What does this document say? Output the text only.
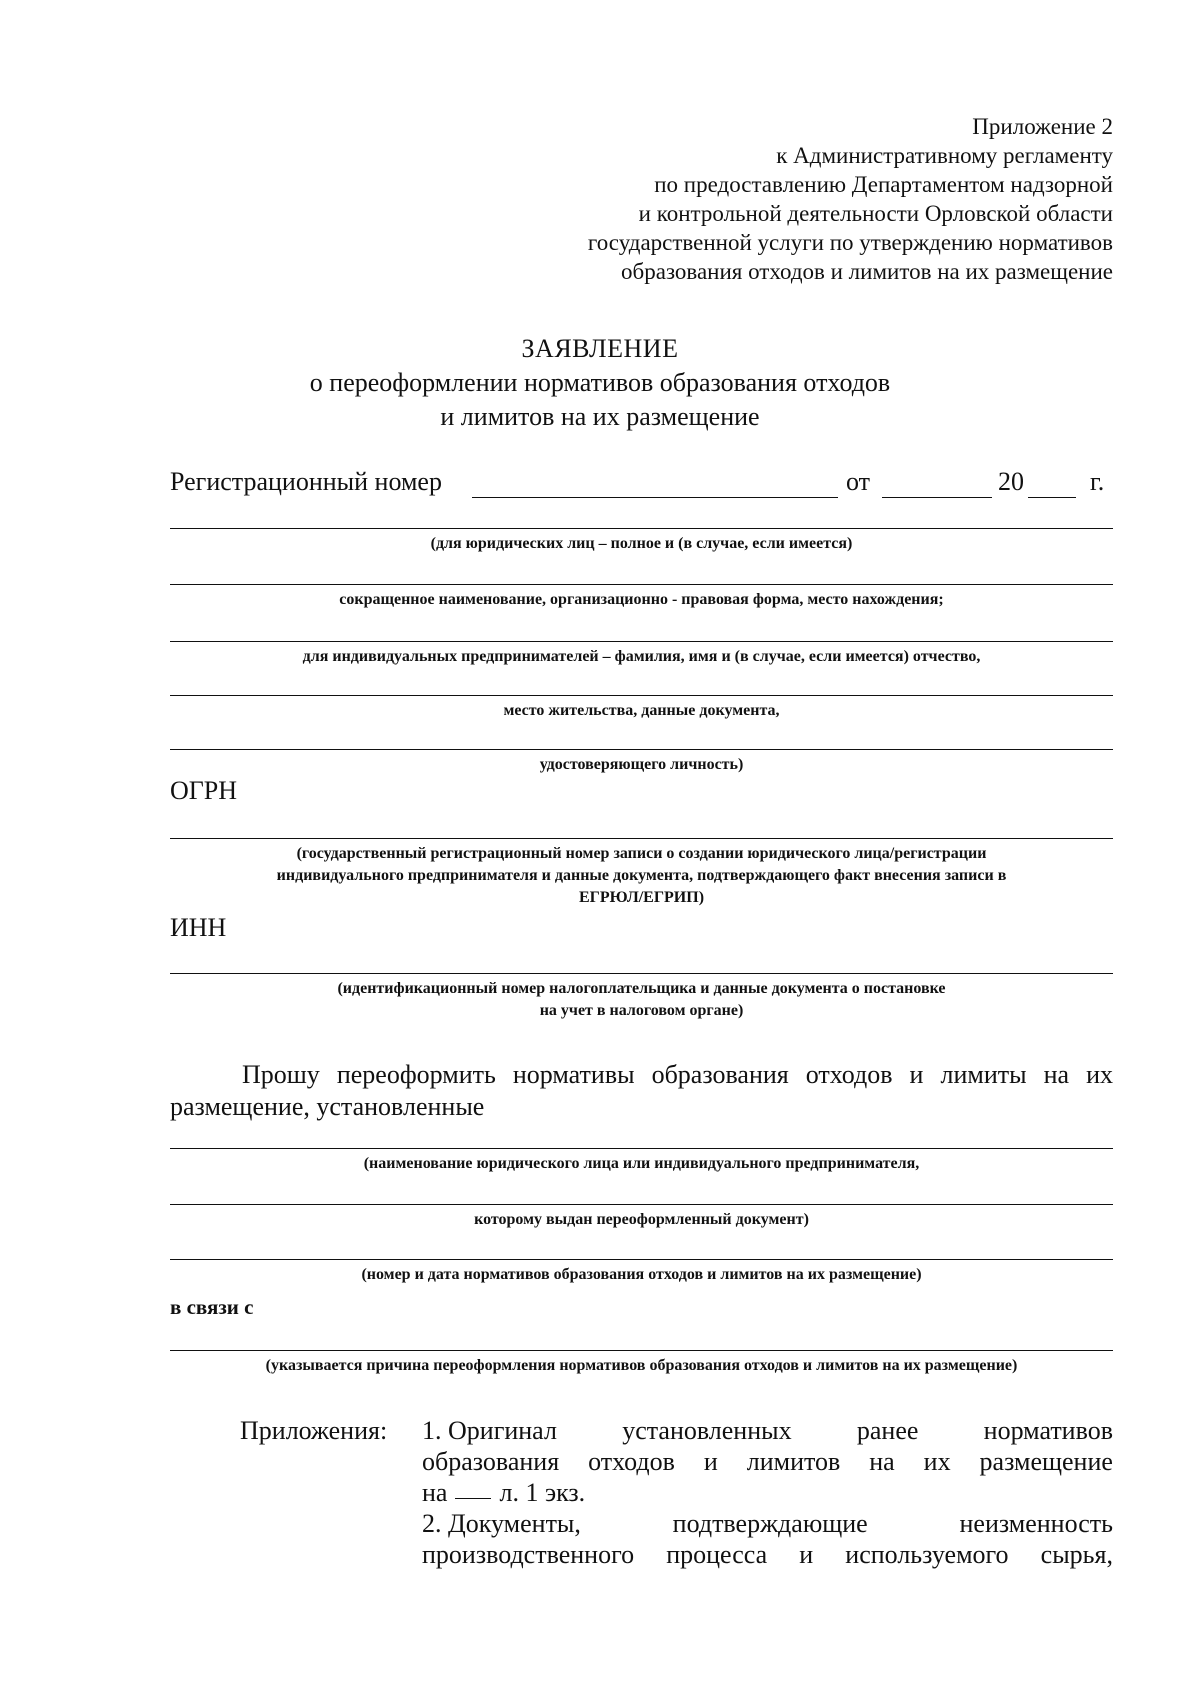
Приложение 2
к Административному регламенту
по предоставлению Департаментом надзорной
и контрольной деятельности Орловской области
государственной услуги по утверждению нормативов
образования отходов и лимитов на их размещение
ЗАЯВЛЕНИЕ
о переоформлении нормативов образования отходов
и лимитов на их размещение
Регистрационный номер	от	20	г.
(для юридических лиц – полное и (в случае, если имеется)
сокращенное наименование, организационно - правовая форма, место нахождения;
для индивидуальных предпринимателей – фамилия, имя и (в случае, если имеется) отчество,
место жительства, данные документа,
удостоверяющего личность)
ОГРН
(государственный регистрационный номер записи о создании юридического лица/регистрации
индивидуального предпринимателя и данные документа, подтверждающего факт внесения записи в
ЕГРЮЛ/ЕГРИП)
ИНН
(идентификационный номер налогоплательщика и данные документа о постановке
на учет в налоговом органе)
Прошу переоформить нормативы образования отходов и лимиты на их размещение, установленные
(наименование юридического лица или индивидуального предпринимателя,
которому выдан переоформленный документ)
(номер и дата нормативов образования отходов и лимитов на их размещение)
в связи с
(указывается причина переоформления нормативов образования отходов и лимитов на их размещение)
Приложения: 1. Оригинал	установленных	ранее	нормативов
образования отходов и лимитов на их размещение
на л. 1 экз.
2. Документы,	подтверждающие	неизменность
производственного процесса и используемого сырья,
